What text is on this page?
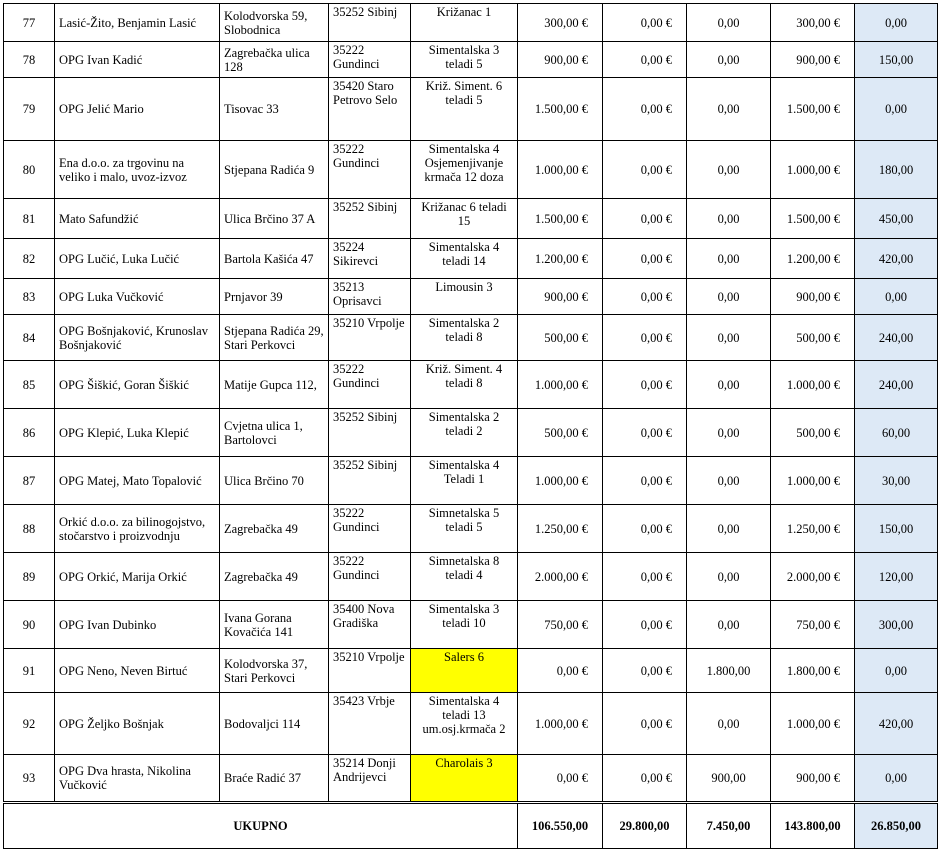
77	Lasić-Žito, Benjamin Lasić	Kolodvorska 59, Slobodnica	35252 Sibinj	Križanac 1	300,00 €	0,00 €	0,00	300,00 €	0,00
78	OPG Ivan Kadić	Zagrebačka ulica 128	35222 Gundinci	Simentalska 3 teladi 5	900,00 €	0,00 €	0,00	900,00 €	150,00
79	OPG Jelić Mario	Tisovac 33	35420 Staro Petrovo Selo	Križ. Siment. 6 teladi 5	1.500,00 €	0,00 €	0,00	1.500,00 €	0,00
80	Ena d.o.o. za trgovinu na veliko i malo, uvoz-izvoz	Stjepana Radića 9	35222 Gundinci	Simentalska 4 Osjemenjivanje krmača 12 doza	1.000,00 €	0,00 €	0,00	1.000,00 €	180,00
81	Mato Safundžić	Ulica Brčino 37 A	35252 Sibinj	Križanac 6 teladi 15	1.500,00 €	0,00 €	0,00	1.500,00 €	450,00
82	OPG Lučić, Luka Lučić	Bartola Kašića 47	35224 Sikirevci	Simentalska 4 teladi 14	1.200,00 €	0,00 €	0,00	1.200,00 €	420,00
83	OPG Luka Vučković	Prnjavor 39	35213 Oprisavci	Limousin 3	900,00 €	0,00 €	0,00	900,00 €	0,00
84	OPG Bošnjaković, Krunoslav Bošnjaković	Stjepana Radića 29, Stari Perkovci	35210 Vrpolje	Simentalska 2 teladi 8	500,00 €	0,00 €	0,00	500,00 €	240,00
85	OPG Šiškić, Goran Šiškić	Matije Gupca 112,	35222 Gundinci	Križ. Siment. 4 teladi 8	1.000,00 €	0,00 €	0,00	1.000,00 €	240,00
86	OPG Klepić, Luka Klepić	Cvjetna ulica 1, Bartolovci	35252 Sibinj	Simentalska 2 teladi 2	500,00 €	0,00 €	0,00	500,00 €	60,00
87	OPG Matej, Mato Topalović	Ulica Brčino 70	35252 Sibinj	Simentalska 4 Teladi 1	1.000,00 €	0,00 €	0,00	1.000,00 €	30,00
88	Orkić d.o.o. za bilinogojstvo, stočarstvo i proizvodnju	Zagrebačka 49	35222 Gundinci	Simnetalska 5 teladi 5	1.250,00 €	0,00 €	0,00	1.250,00 €	150,00
89	OPG Orkić, Marija Orkić	Zagrebačka 49	35222 Gundinci	Simnetalska 8 teladi 4	2.000,00 €	0,00 €	0,00	2.000,00 €	120,00
90	OPG Ivan Dubinko	Ivana Gorana Kovačića 141	35400 Nova Gradiška	Simentalska 3 teladi 10	750,00 €	0,00 €	0,00	750,00 €	300,00
91	OPG Neno, Neven Birtuć	Kolodvorska 37, Stari Perkovci	35210 Vrpolje	Salers 6	0,00 €	0,00 €	1.800,00	1.800,00 €	0,00
92	OPG Željko Bošnjak	Bodovaljci 114	35423 Vrbje	Simentalska 4 teladi 13 um.osj.krmača 2	1.000,00 €	0,00 €	0,00	1.000,00 €	420,00
93	OPG Dva hrasta, Nikolina Vučković	Braće Radić 37	35214 Donji Andrijevci	Charolais 3	0,00 €	0,00 €	900,00	900,00 €	0,00
UKUPNO					106.550,00	29.800,00	7.450,00	143.800,00	26.850,00
